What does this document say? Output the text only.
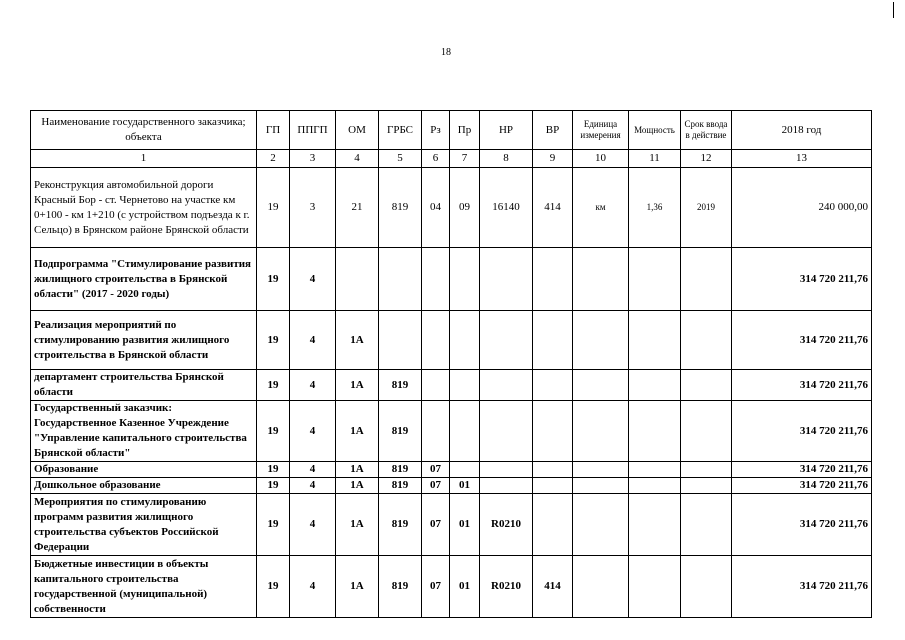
18
Наименование государственного заказчика; объекта	ГП	ППГП	ОМ	ГРБС	Рз	Пр	НР	ВР	Единица измерения	Мощность	Срок ввода в действие	2018 год
1	2	3	4	5	6	7	8	9	10	11	12	13
Реконструкция автомобильной дороги Красный Бор - ст. Чернетово на участке км 0+100 - км 1+210 (с устройством подъезда к г. Сельцо) в Брянском районе Брянской области	19	3	21	819	04	09	16140	414	км	1,36	2019	240 000,00
Подпрограмма "Стимулирование развития жилищного строительства в Брянской области" (2017 - 2020 годы)	19	4										314 720 211,76
Реализация мероприятий по стимулированию развития жилищного строительства в Брянской области	19	4	1А									314 720 211,76
департамент строительства Брянской области	19	4	1А	819								314 720 211,76
Государственный заказчик: Государственное Казенное Учреждение "Управление капитального строительства Брянской области"	19	4	1А	819								314 720 211,76
Образование	19	4	1А	819	07							314 720 211,76
Дошкольное образование	19	4	1А	819	07	01						314 720 211,76
Мероприятия по стимулированию программ развития жилищного строительства субъектов Российской Федерации	19	4	1А	819	07	01	R0210					314 720 211,76
Бюджетные инвестиции в объекты капитального строительства государственной (муниципальной) собственности	19	4	1А	819	07	01	R0210	414				314 720 211,76
